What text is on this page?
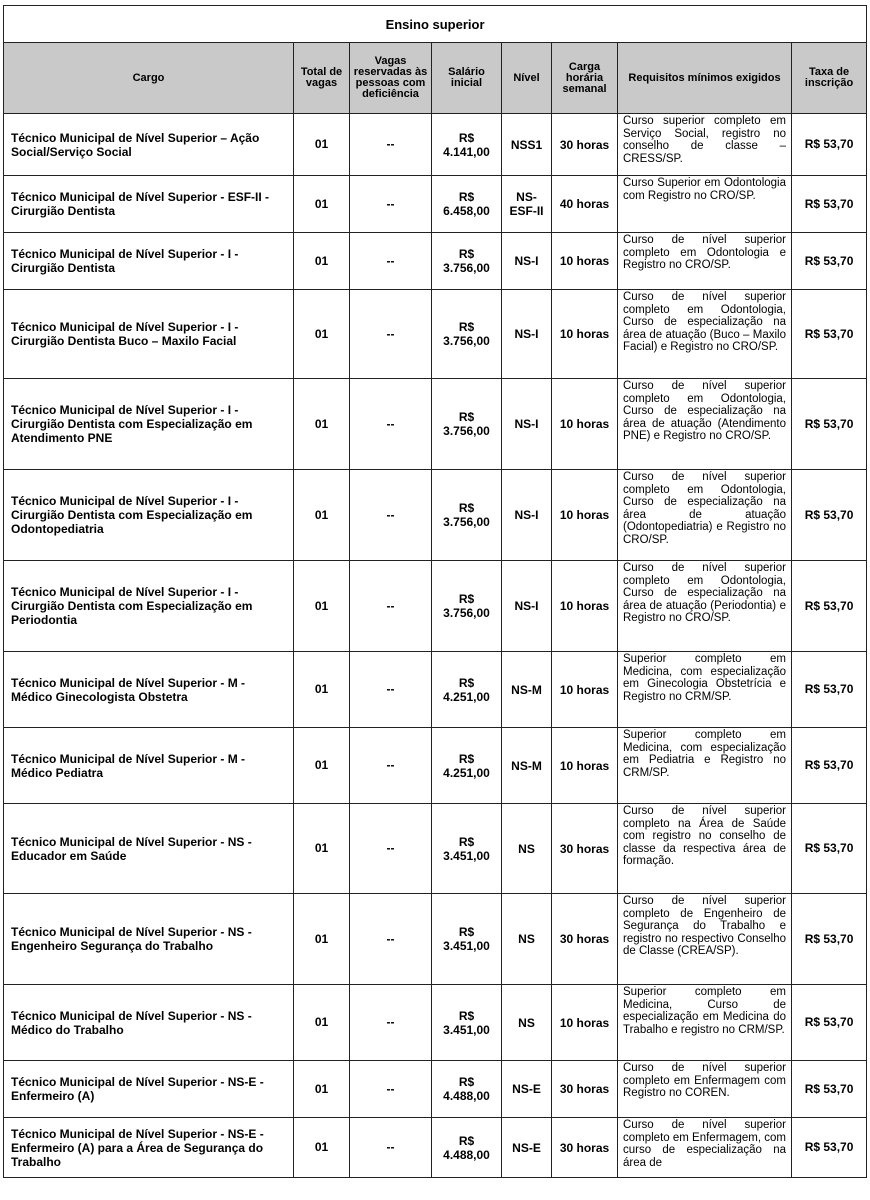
Ensino superior							
Cargo	Total de vagas	Vagas reservadas às pessoas com deficiência	Salário inicial	Nível	Carga horária semanal	Requisitos mínimos exigidos	Taxa de inscrição
Técnico Municipal de Nível Superior – Ação Social/Serviço Social	01	--	R$ 4.141,00	NSS1	30 horas	Curso superior completo em Serviço Social, registro no conselho de classe – CRESS/SP.	R$ 53,70
Técnico Municipal de Nível Superior - ESF-II - Cirurgião Dentista	01	--	R$ 6.458,00	NS-ESF-II	40 horas	Curso Superior em Odontologia com Registro no CRO/SP.	R$ 53,70
Técnico Municipal de Nível Superior - I - Cirurgião Dentista	01	--	R$ 3.756,00	NS-I	10 horas	Curso de nível superior completo em Odontologia e Registro no CRO/SP.	R$ 53,70
Técnico Municipal de Nível Superior - I - Cirurgião Dentista Buco – Maxilo Facial	01	--	R$ 3.756,00	NS-I	10 horas	Curso de nível superior completo em Odontologia, Curso de especialização na área de atuação (Buco – Maxilo Facial) e Registro no CRO/SP.	R$ 53,70
Técnico Municipal de Nível Superior - I - Cirurgião Dentista com Especialização em Atendimento PNE	01	--	R$ 3.756,00	NS-I	10 horas	Curso de nível superior completo em Odontologia, Curso de especialização na área de atuação (Atendimento PNE) e Registro no CRO/SP.	R$ 53,70
Técnico Municipal de Nível Superior - I - Cirurgião Dentista com Especialização em Odontopediatria	01	--	R$ 3.756,00	NS-I	10 horas	Curso de nível superior completo em Odontologia, Curso de especialização na área de atuação (Odontopediatria) e Registro no CRO/SP.	R$ 53,70
Técnico Municipal de Nível Superior - I - Cirurgião Dentista com Especialização em Periodontia	01	--	R$ 3.756,00	NS-I	10 horas	Curso de nível superior completo em Odontologia, Curso de especialização na área de atuação (Periodontia) e Registro no CRO/SP.	R$ 53,70
Técnico Municipal de Nível Superior - M - Médico Ginecologista Obstetra	01	--	R$ 4.251,00	NS-M	10 horas	Superior completo em Medicina, com especialização em Ginecologia Obstetrícia e Registro no CRM/SP.	R$ 53,70
Técnico Municipal de Nível Superior - M - Médico Pediatra	01	--	R$ 4.251,00	NS-M	10 horas	Superior completo em Medicina, com especialização em Pediatria e Registro no CRM/SP.	R$ 53,70
Técnico Municipal de Nível Superior - NS - Educador em Saúde	01	--	R$ 3.451,00	NS	30 horas	Curso de nível superior completo na Área de Saúde com registro no conselho de classe da respectiva área de formação.	R$ 53,70
Técnico Municipal de Nível Superior - NS - Engenheiro Segurança do Trabalho	01	--	R$ 3.451,00	NS	30 horas	Curso de nível superior completo de Engenheiro de Segurança do Trabalho e registro no respectivo Conselho de Classe (CREA/SP).	R$ 53,70
Técnico Municipal de Nível Superior - NS - Médico do Trabalho	01	--	R$ 3.451,00	NS	10 horas	Superior completo em Medicina, Curso de especialização em Medicina do Trabalho e registro no CRM/SP.	R$ 53,70
Técnico Municipal de Nível Superior - NS-E - Enfermeiro (A)	01	--	R$ 4.488,00	NS-E	30 horas	Curso de nível superior completo em Enfermagem com Registro no COREN.	R$ 53,70
Técnico Municipal de Nível Superior - NS-E - Enfermeiro (A) para a Área de Segurança do Trabalho	01	--	R$ 4.488,00	NS-E	30 horas	Curso de nível superior completo em Enfermagem, com curso de especialização na área de	R$ 53,70
